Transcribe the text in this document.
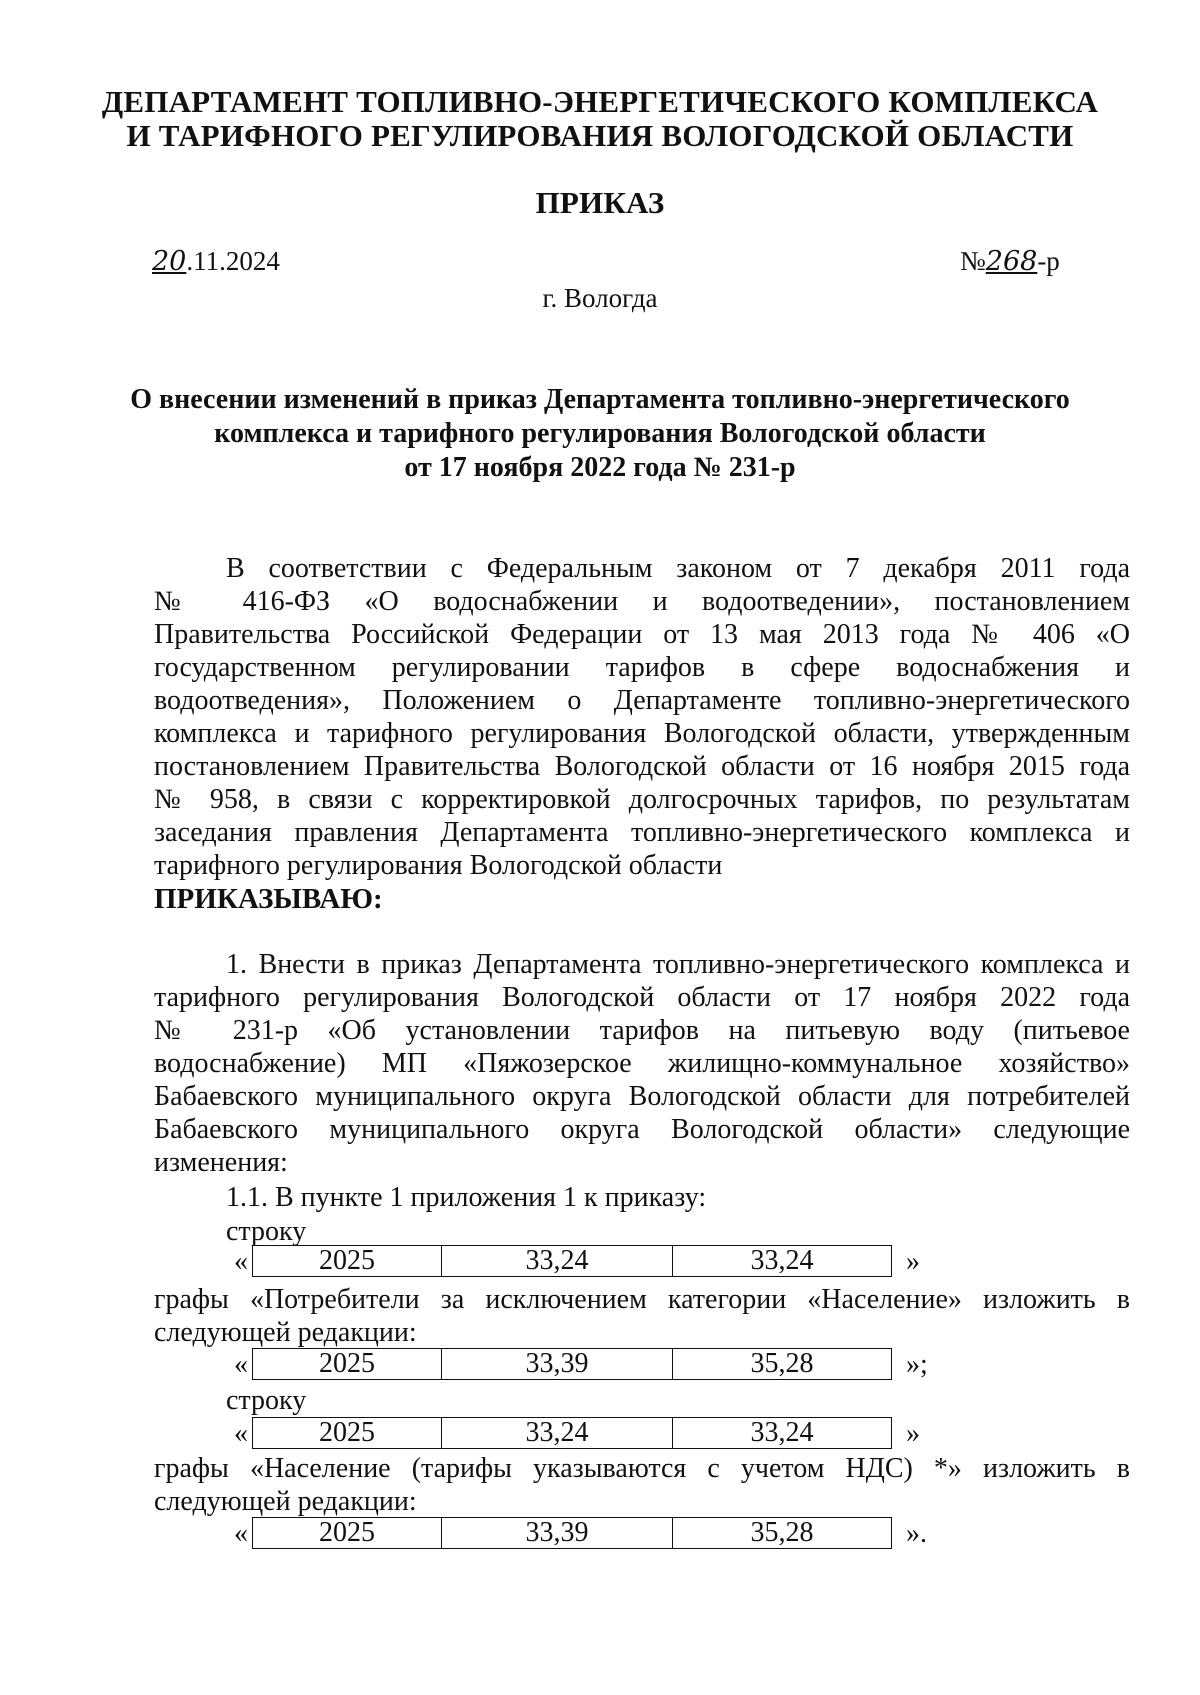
ДЕПАРТАМЕНТ ТОПЛИВНО-ЭНЕРГЕТИЧЕСКОГО КОМПЛЕКСА
И ТАРИФНОГО РЕГУЛИРОВАНИЯ ВОЛОГОДСКОЙ ОБЛАСТИ
ПРИКАЗ
20.11.2024	№268-р
г. Вологда
О внесении изменений в приказ Департамента топливно-энергетического
комплекса и тарифного регулирования Вологодской области
от 17 ноября 2022 года № 231-р
В соответствии с Федеральным законом от 7 декабря 2011 года
№ 416-ФЗ «О водоснабжении и водоотведении», постановлением
Правительства Российской Федерации от 13 мая 2013 года № 406 «О
государственном регулировании тарифов в сфере водоснабжения и
водоотведения», Положением о Департаменте топливно-энергетического
комплекса и тарифного регулирования Вологодской области, утвержденным
постановлением Правительства Вологодской области от 16 ноября 2015 года
№ 958, в связи с корректировкой долгосрочных тарифов, по результатам
заседания правления Департамента топливно-энергетического комплекса и
тарифного регулирования Вологодской области
ПРИКАЗЫВАЮ:
1. Внести в приказ Департамента топливно-энергетического комплекса и
тарифного регулирования Вологодской области от 17 ноября 2022 года
№ 231-р «Об установлении тарифов на питьевую воду (питьевое
водоснабжение) МП «Пяжозерское жилищно-коммунальное хозяйство»
Бабаевского муниципального округа Вологодской области для потребителей
Бабаевского муниципального округа Вологодской области» следующие
изменения:
1.1. В пункте 1 приложения 1 к приказу:
строку
«	2025	33,24	33,24	»
графы «Потребители за исключением категории «Население» изложить в
следующей редакции:
«	2025	33,39	35,28	»;
строку
«	2025	33,24	33,24	»
графы «Население (тарифы указываются с учетом НДС) *» изложить в
следующей редакции:
«	2025	33,39	35,28	».
